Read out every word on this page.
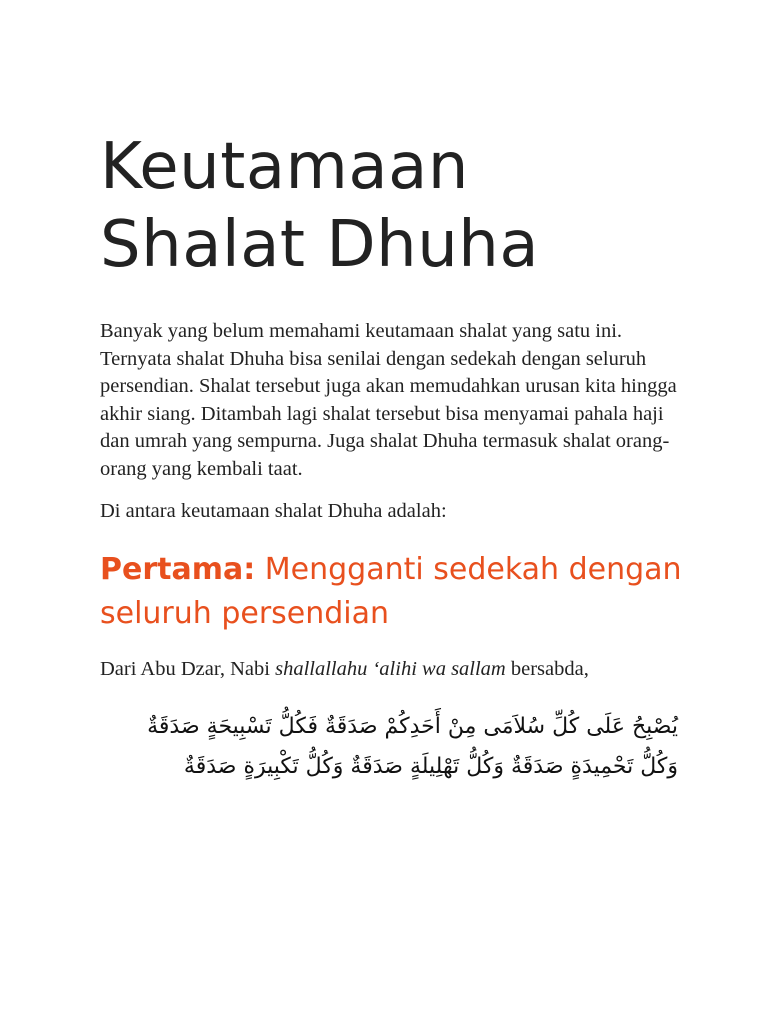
Keutamaan
Shalat Dhuha

Banyak yang belum memahami keutamaan shalat yang satu ini. Ternyata shalat Dhuha bisa senilai dengan sedekah dengan seluruh persendian. Shalat tersebut juga akan memudahkan urusan kita hingga akhir siang. Ditambah lagi shalat tersebut bisa menyamai pahala haji dan umrah yang sempurna. Juga shalat Dhuha termasuk shalat orang-orang yang kembali taat.

Di antara keutamaan shalat Dhuha adalah:

Pertama: Mengganti sedekah dengan seluruh persendian

Dari Abu Dzar, Nabi shallallahu ‘alihi wa sallam bersabda,

يُصْبِحُ عَلَى كُلِّ سُلاَمَى مِنْ أَحَدِكُمْ صَدَقَةٌ فَكُلُّ تَسْبِيحَةٍ صَدَقَةٌ
وَكُلُّ تَحْمِيدَةٍ صَدَقَةٌ وَكُلُّ تَهْلِيلَةٍ صَدَقَةٌ وَكُلُّ تَكْبِيرَةٍ صَدَقَةٌ
